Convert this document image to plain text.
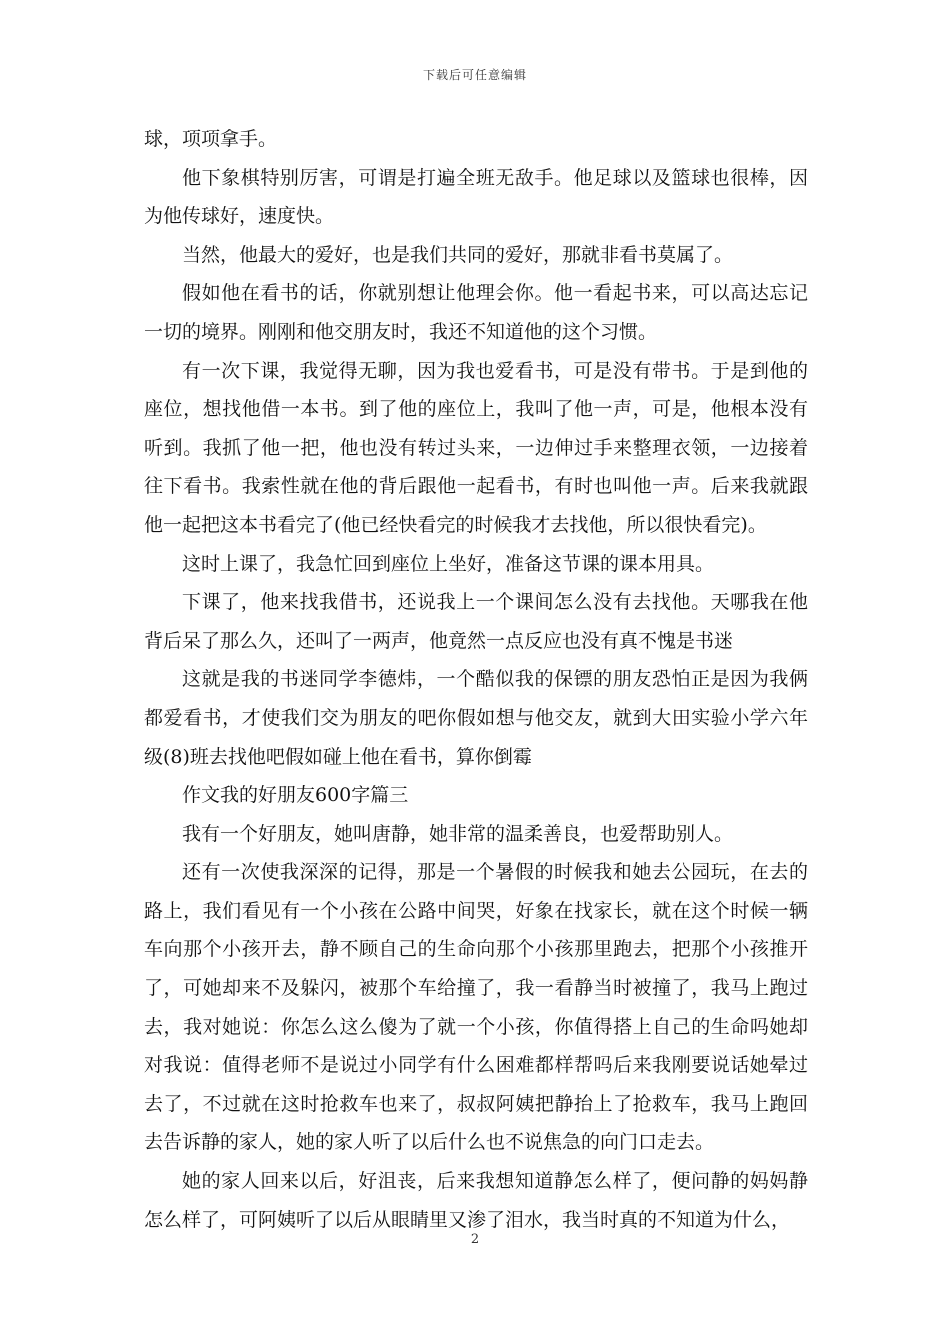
下载后可任意编辑

球，项项拿手。

他下象棋特别厉害，可谓是打遍全班无敌手。他足球以及篮球也很棒，因为他传球好，速度快。

当然，他最大的爱好，也是我们共同的爱好，那就非看书莫属了。

假如他在看书的话，你就别想让他理会你。他一看起书来，可以高达忘记一切的境界。刚刚和他交朋友时，我还不知道他的这个习惯。

有一次下课，我觉得无聊，因为我也爱看书，可是没有带书。于是到他的座位，想找他借一本书。到了他的座位上，我叫了他一声，可是，他根本没有听到。我抓了他一把，他也没有转过头来，一边伸过手来整理衣领，一边接着往下看书。我索性就在他的背后跟他一起看书，有时也叫他一声。后来我就跟他一起把这本书看完了(他已经快看完的时候我才去找他，所以很快看完)。

这时上课了，我急忙回到座位上坐好，准备这节课的课本用具。

下课了，他来找我借书，还说我上一个课间怎么没有去找他。天哪我在他背后呆了那么久，还叫了一两声，他竟然一点反应也没有真不愧是书迷

这就是我的书迷同学李德炜，一个酷似我的保镖的朋友恐怕正是因为我俩都爱看书，才使我们交为朋友的吧你假如想与他交友，就到大田实验小学六年级(8)班去找他吧假如碰上他在看书，算你倒霉

作文我的好朋友600字篇三

我有一个好朋友，她叫唐静，她非常的温柔善良，也爱帮助别人。

还有一次使我深深的记得，那是一个暑假的时候我和她去公园玩，在去的路上，我们看见有一个小孩在公路中间哭，好象在找家长，就在这个时候一辆车向那个小孩开去，静不顾自己的生命向那个小孩那里跑去，把那个小孩推开了，可她却来不及躲闪，被那个车给撞了，我一看静当时被撞了，我马上跑过去，我对她说：你怎么这么傻为了就一个小孩，你值得搭上自己的生命吗她却对我说：值得老师不是说过小同学有什么困难都样帮吗后来我刚要说话她晕过去了，不过就在这时抢救车也来了，叔叔阿姨把静抬上了抢救车，我马上跑回去告诉静的家人，她的家人听了以后什么也不说焦急的向门口走去。

她的家人回来以后，好沮丧，后来我想知道静怎么样了，便问静的妈妈静怎么样了，可阿姨听了以后从眼睛里又渗了泪水，我当时真的不知道为什么，

2
